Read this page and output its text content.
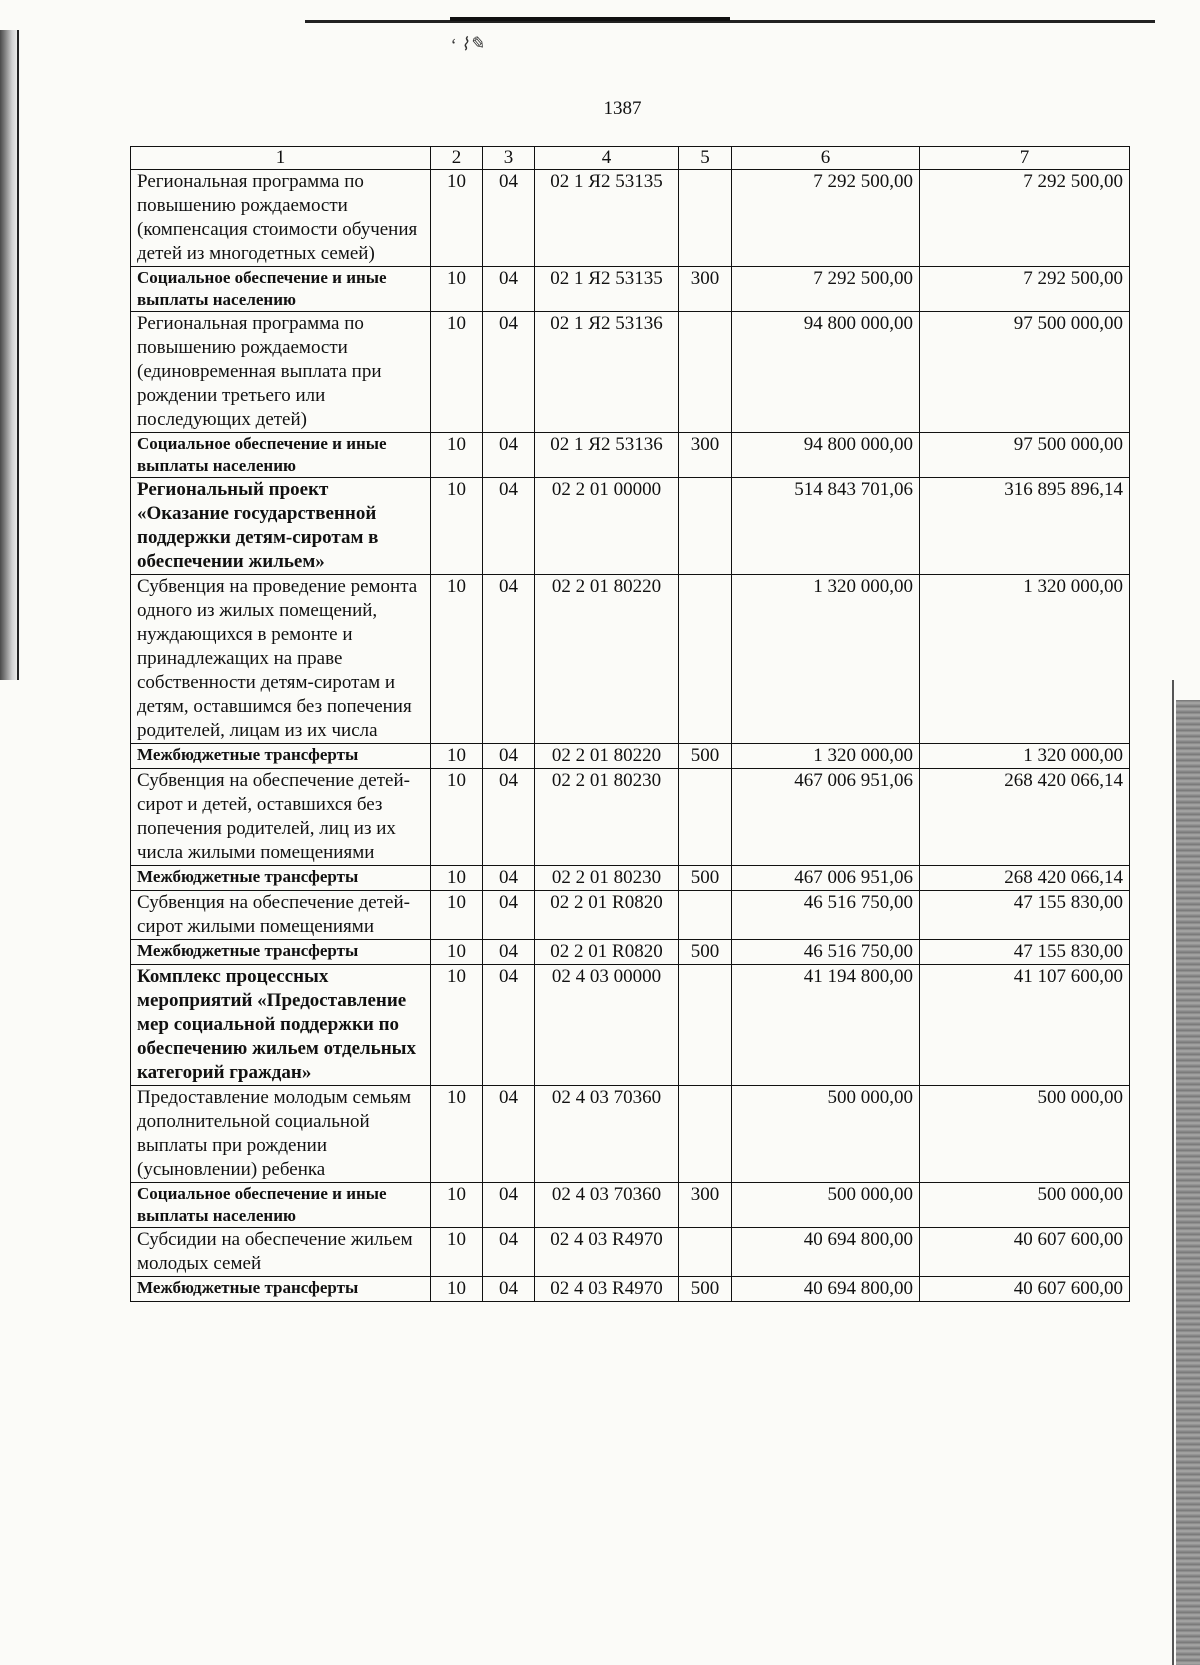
ʻ ⌇✎
1387
1	2	3	4	5	6	7
Региональная программа по повышению рождаемости (компенсация стоимости обучения детей из многодетных семей)	10	04	02 1 Я2 53135		7 292 500,00	7 292 500,00
Социальное обеспечение и иные выплаты населению	10	04	02 1 Я2 53135	300	7 292 500,00	7 292 500,00
Региональная программа по повышению рождаемости (единовременная выплата при рождении третьего или последующих детей)	10	04	02 1 Я2 53136		94 800 000,00	97 500 000,00
Социальное обеспечение и иные выплаты населению	10	04	02 1 Я2 53136	300	94 800 000,00	97 500 000,00
Региональный проект «Оказание государственной поддержки детям-сиротам в обеспечении жильем»	10	04	02 2 01 00000		514 843 701,06	316 895 896,14
Субвенция на проведение ремонта одного из жилых помещений, нуждающихся в ремонте и принадлежащих на праве собственности детям-сиротам и детям, оставшимся без попечения родителей, лицам из их числа	10	04	02 2 01 80220		1 320 000,00	1 320 000,00
Межбюджетные трансферты	10	04	02 2 01 80220	500	1 320 000,00	1 320 000,00
Субвенция на обеспечение детей-сирот и детей, оставшихся без попечения родителей, лиц из их числа жилыми помещениями	10	04	02 2 01 80230		467 006 951,06	268 420 066,14
Межбюджетные трансферты	10	04	02 2 01 80230	500	467 006 951,06	268 420 066,14
Субвенция на обеспечение детей-сирот жилыми помещениями	10	04	02 2 01 R0820		46 516 750,00	47 155 830,00
Межбюджетные трансферты	10	04	02 2 01 R0820	500	46 516 750,00	47 155 830,00
Комплекс процессных мероприятий «Предоставление мер социальной поддержки по обеспечению жильем отдельных категорий граждан»	10	04	02 4 03 00000		41 194 800,00	41 107 600,00
Предоставление молодым семьям дополнительной социальной выплаты при рождении (усыновлении) ребенка	10	04	02 4 03 70360		500 000,00	500 000,00
Социальное обеспечение и иные выплаты населению	10	04	02 4 03 70360	300	500 000,00	500 000,00
Субсидии на обеспечение жильем молодых семей	10	04	02 4 03 R4970		40 694 800,00	40 607 600,00
Межбюджетные трансферты	10	04	02 4 03 R4970	500	40 694 800,00	40 607 600,00
